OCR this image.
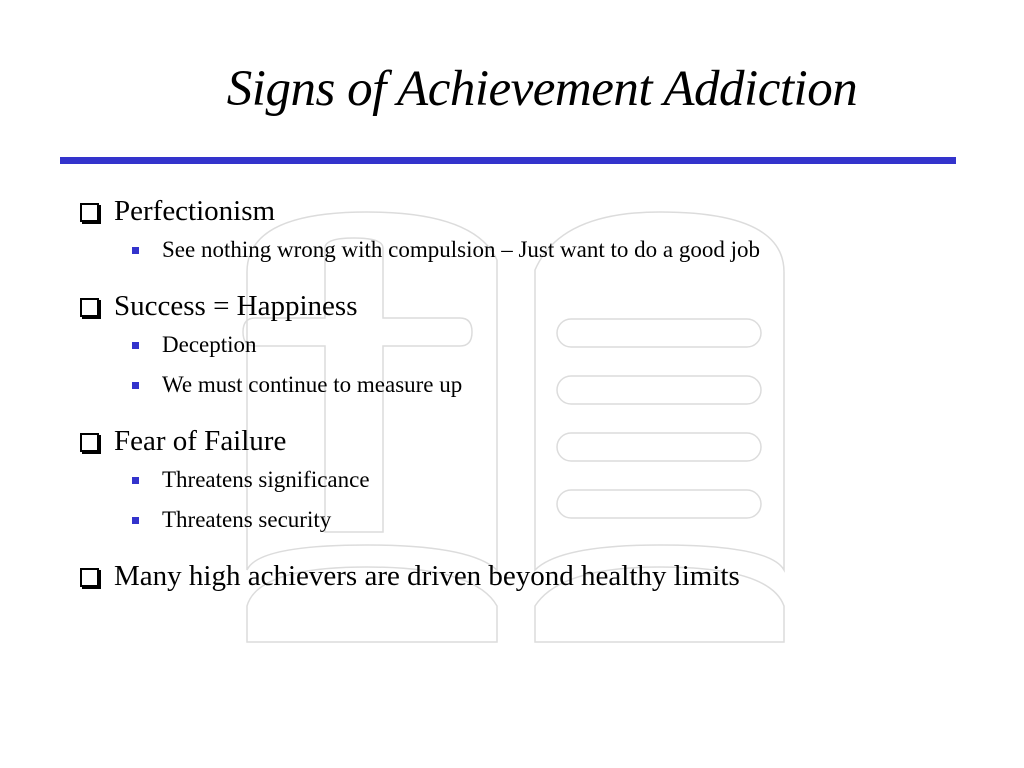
Signs of Achievement Addiction
Perfectionism
See nothing wrong with compulsion – Just want to do a good job
Success = Happiness
Deception
We must continue to measure up
Fear of Failure
Threatens significance
Threatens security
Many high achievers are driven beyond healthy limits
